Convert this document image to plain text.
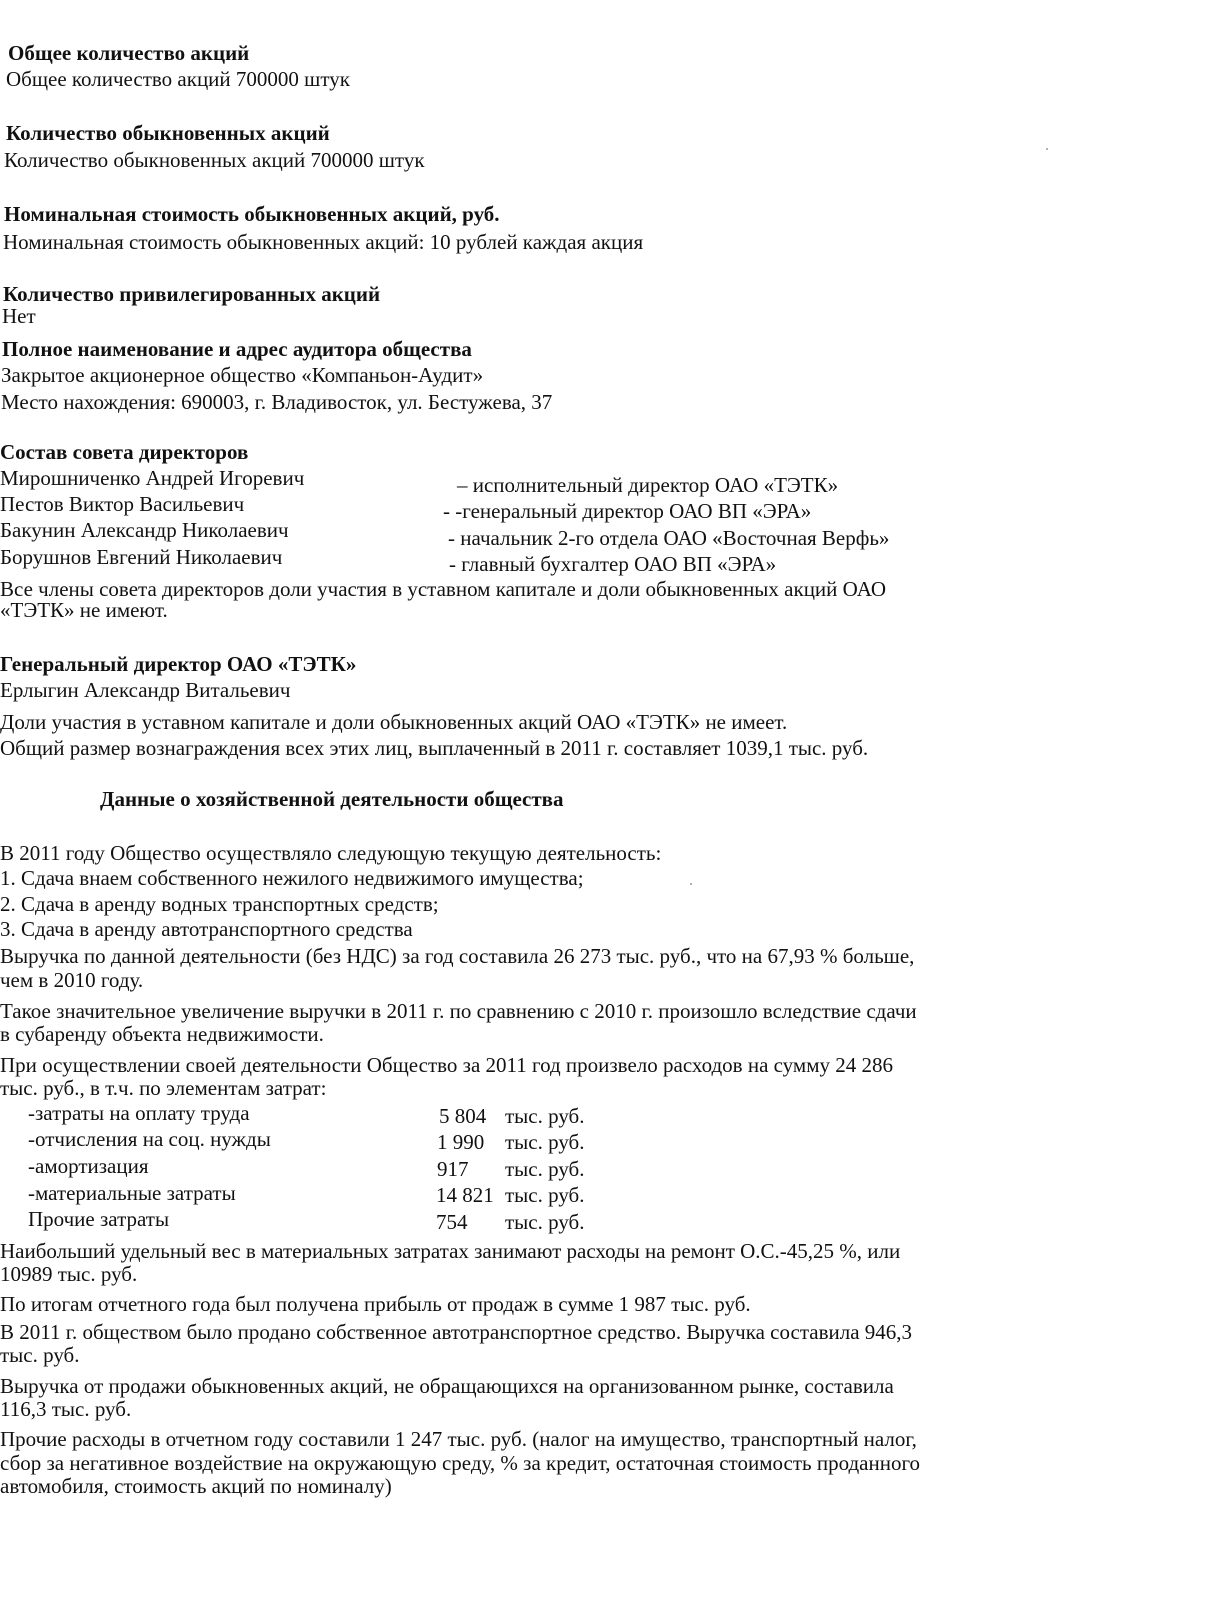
Общее количество акций
Общее количество акций 700000 штук
Количество обыкновенных акций
Количество обыкновенных акций 700000 штук
Номинальная стоимость обыкновенных акций, руб.
Номинальная стоимость обыкновенных акций: 10 рублей каждая акция
Количество привилегированных акций
Нет
Полное наименование и адрес аудитора общества
Закрытое акционерное общество «Компаньон-Аудит»
Место нахождения: 690003, г. Владивосток, ул. Бестужева, 37
Состав совета директоров
Мирошниченко Андрей Игоревич	– исполнительный директор ОАО «ТЭТК»
Пестов Виктор Васильевич	- -генеральный директор ОАО ВП «ЭРА»
Бакунин Александр Николаевич	- начальник 2-го отдела ОАО «Восточная Верфь»
Борушнов Евгений Николаевич	- главный бухгалтер ОАО ВП «ЭРА»
Все члены совета директоров доли участия в уставном капитале и доли обыкновенных акций ОАО
«ТЭТК» не имеют.
Генеральный директор ОАО «ТЭТК»
Ерлыгин Александр Витальевич
Доли участия в уставном капитале и доли обыкновенных акций ОАО «ТЭТК» не имеет.
Общий размер вознаграждения всех этих лиц, выплаченный в 2011 г. составляет 1039,1 тыс. руб.
Данные о хозяйственной деятельности общества
В 2011 году Общество осуществляло следующую текущую деятельность:
1. Сдача внаем собственного нежилого недвижимого имущества;
2. Сдача в аренду водных транспортных средств;
3. Сдача в аренду автотранспортного средства
Выручка по данной деятельности (без НДС) за год составила 26 273 тыс. руб., что на 67,93 % больше,
чем в 2010 году.
Такое значительное увеличение выручки в 2011 г. по сравнению с 2010 г. произошло вследствие сдачи
в субаренду объекта недвижимости.
При осуществлении своей деятельности Общество за 2011 год произвело расходов на сумму 24 286
тыс. руб., в т.ч. по элементам затрат:
-затраты на оплату труда	5 804 тыс. руб.
-отчисления на соц. нужды	1 990 тыс. руб.
-амортизация	917 тыс. руб.
-материальные затраты	14 821 тыс. руб.
Прочие затраты	754 тыс. руб.
Наибольший удельный вес в материальных затратах занимают расходы на ремонт О.С.-45,25 %, или
10989 тыс. руб.
По итогам отчетного года был получена прибыль от продаж в сумме 1 987 тыс. руб.
В 2011 г. обществом было продано собственное автотранспортное средство. Выручка составила 946,3
тыс. руб.
Выручка от продажи обыкновенных акций, не обращающихся на организованном рынке, составила
116,3 тыс. руб.
Прочие расходы в отчетном году составили 1 247 тыс. руб. (налог на имущество, транспортный налог,
сбор за негативное воздействие на окружающую среду, % за кредит, остаточная стоимость проданного
автомобиля, стоимость акций по номиналу)
